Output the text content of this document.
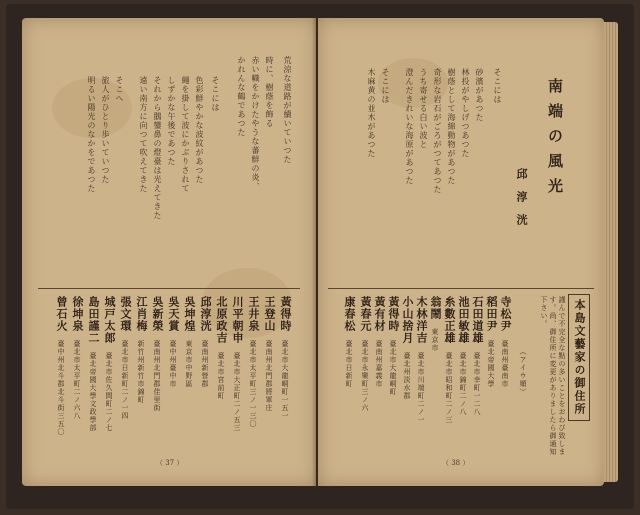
荒涼な道路が續いていつた
時に、樹蔭を飾る
赤い幟をかけたやうな蕃鮮の炎、
かれんな鶴であつた
そこには
色彩鮮やかな波紋があつた
繩を掛して波にかぶりされて
しずかな午後であつた
それから鵝鑾鼻の燈臺は光えてきた
遠い南方に向つて吹えてきた
そこへ
旅人がひとり歩いていつた
明るい陽光のなかをであつた
黃得時　臺北市大龍峒町一五一
王登山　臺南州北門郡將軍庄
王井泉　臺北市太平町三ノ一三〇
川平朝申　臺北市大正町二ノ五三
北原政吉　臺北市宮前町
邱淳洸　臺南州新營郡
吳坤煌　東京市中野區
吳天賞　臺中州臺中市
吳新榮　臺南州北門郡佳里街
江肖梅　新竹州新竹市錦町
張文環　臺北市日新町二ノ一四
城戸太郎　臺北市佐久間町二ノ七
島田謹二　臺北帝國大學文政學部
徐坤泉　臺北市太平町二ノ六八
曾石火　臺中州北斗郡北斗街三五〇
（ 37 ）
南端の風光
邱淳洸
そこには
砂濱があつた
林投がやしげつあつた
樹蔭として海綿動物があつた
奇形な岩石がごろがつてあつた
うち寄せる白い波と
澄んだきれいな海原があつた
そこには
木麻黄の並木があつた
本島文藝家の御住所
謹んで不完全な點の多いことをおわび致します。尚、御住所に変更がありましたら御通知下さい。
（アイウ順）
寺松尹　臺南州臺南市
稻田尹　臺北帝國大學
石田道雄　臺北市幸町一二八
池田敏雄　臺北市錦町二ノ八
糸數正雄　臺北市昭和町二ノ三
翁鬧　東京市
木林洋吉　臺北市川端町二ノ一
小山捨月　臺北州淡水郡
黃得時　臺北市大龍峒町
黃有材　臺南州嘉義市
黃春元　臺北市永樂町三ノ六
康春松　臺北市日新町
（ 38 ）
